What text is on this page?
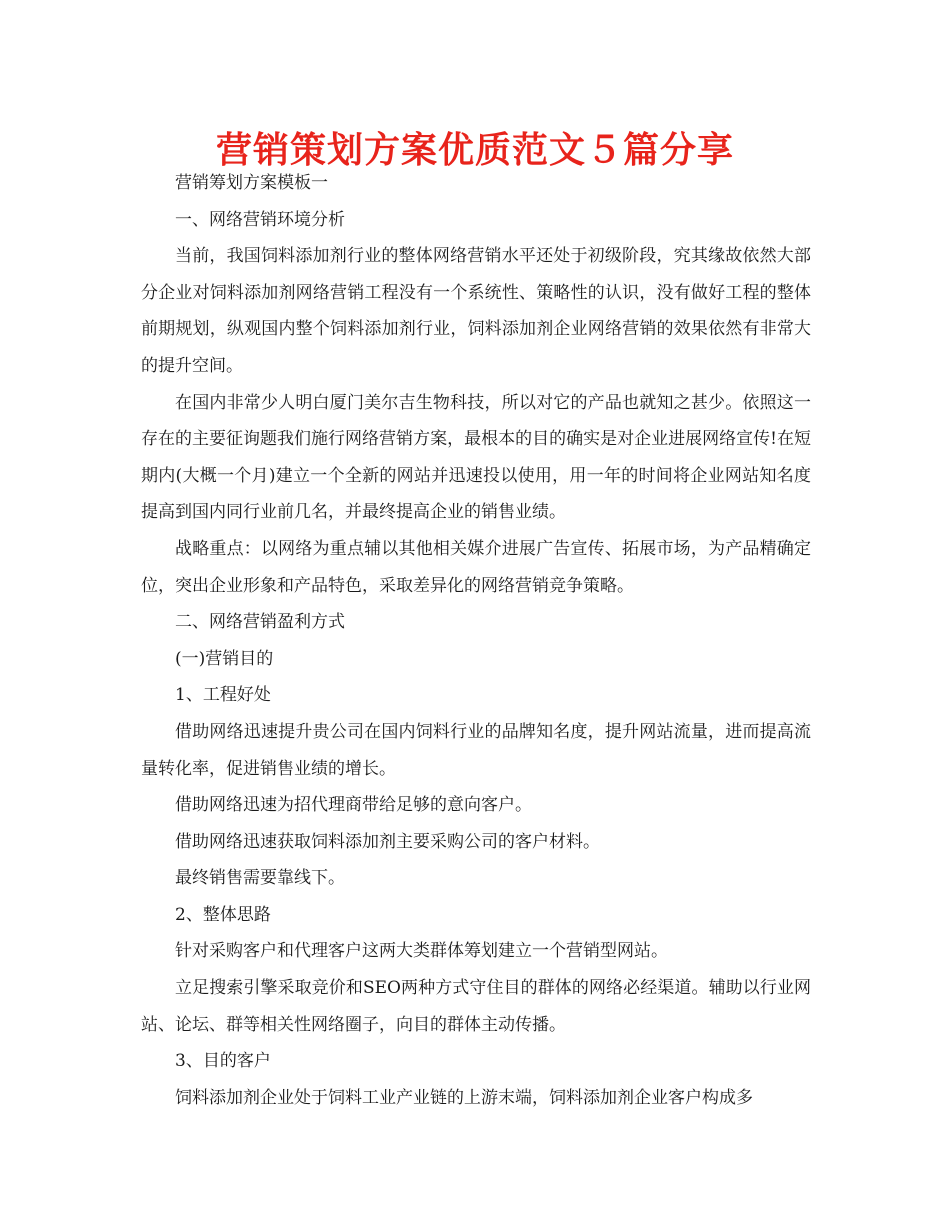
营销策划方案优质范文５篇分享

营销筹划方案模板一

一、网络营销环境分析

当前，我国饲料添加剂行业的整体网络营销水平还处于初级阶段，究其缘故依然大部分企业对饲料添加剂网络营销工程没有一个系统性、策略性的认识，没有做好工程的整体前期规划，纵观国内整个饲料添加剂行业，饲料添加剂企业网络营销的效果依然有非常大的提升空间。

在国内非常少人明白厦门美尔吉生物科技，所以对它的产品也就知之甚少。依照这一存在的主要征询题我们施行网络营销方案，最根本的目的确实是对企业进展网络宣传!在短期内(大概一个月)建立一个全新的网站并迅速投以使用，用一年的时间将企业网站知名度提高到国内同行业前几名，并最终提高企业的销售业绩。

战略重点：以网络为重点辅以其他相关媒介进展广告宣传、拓展市场，为产品精确定位，突出企业形象和产品特色，采取差异化的网络营销竞争策略。

二、网络营销盈利方式

(一)营销目的

1、工程好处

借助网络迅速提升贵公司在国内饲料行业的品牌知名度，提升网站流量，进而提高流量转化率，促进销售业绩的增长。

借助网络迅速为招代理商带给足够的意向客户。

借助网络迅速获取饲料添加剂主要采购公司的客户材料。

最终销售需要靠线下。

2、整体思路

针对采购客户和代理客户这两大类群体筹划建立一个营销型网站。

立足搜索引擎采取竞价和SEO两种方式守住目的群体的网络必经渠道。辅助以行业网站、论坛、群等相关性网络圈子，向目的群体主动传播。

3、目的客户

饲料添加剂企业处于饲料工业产业链的上游末端，饲料添加剂企业客户构成多
